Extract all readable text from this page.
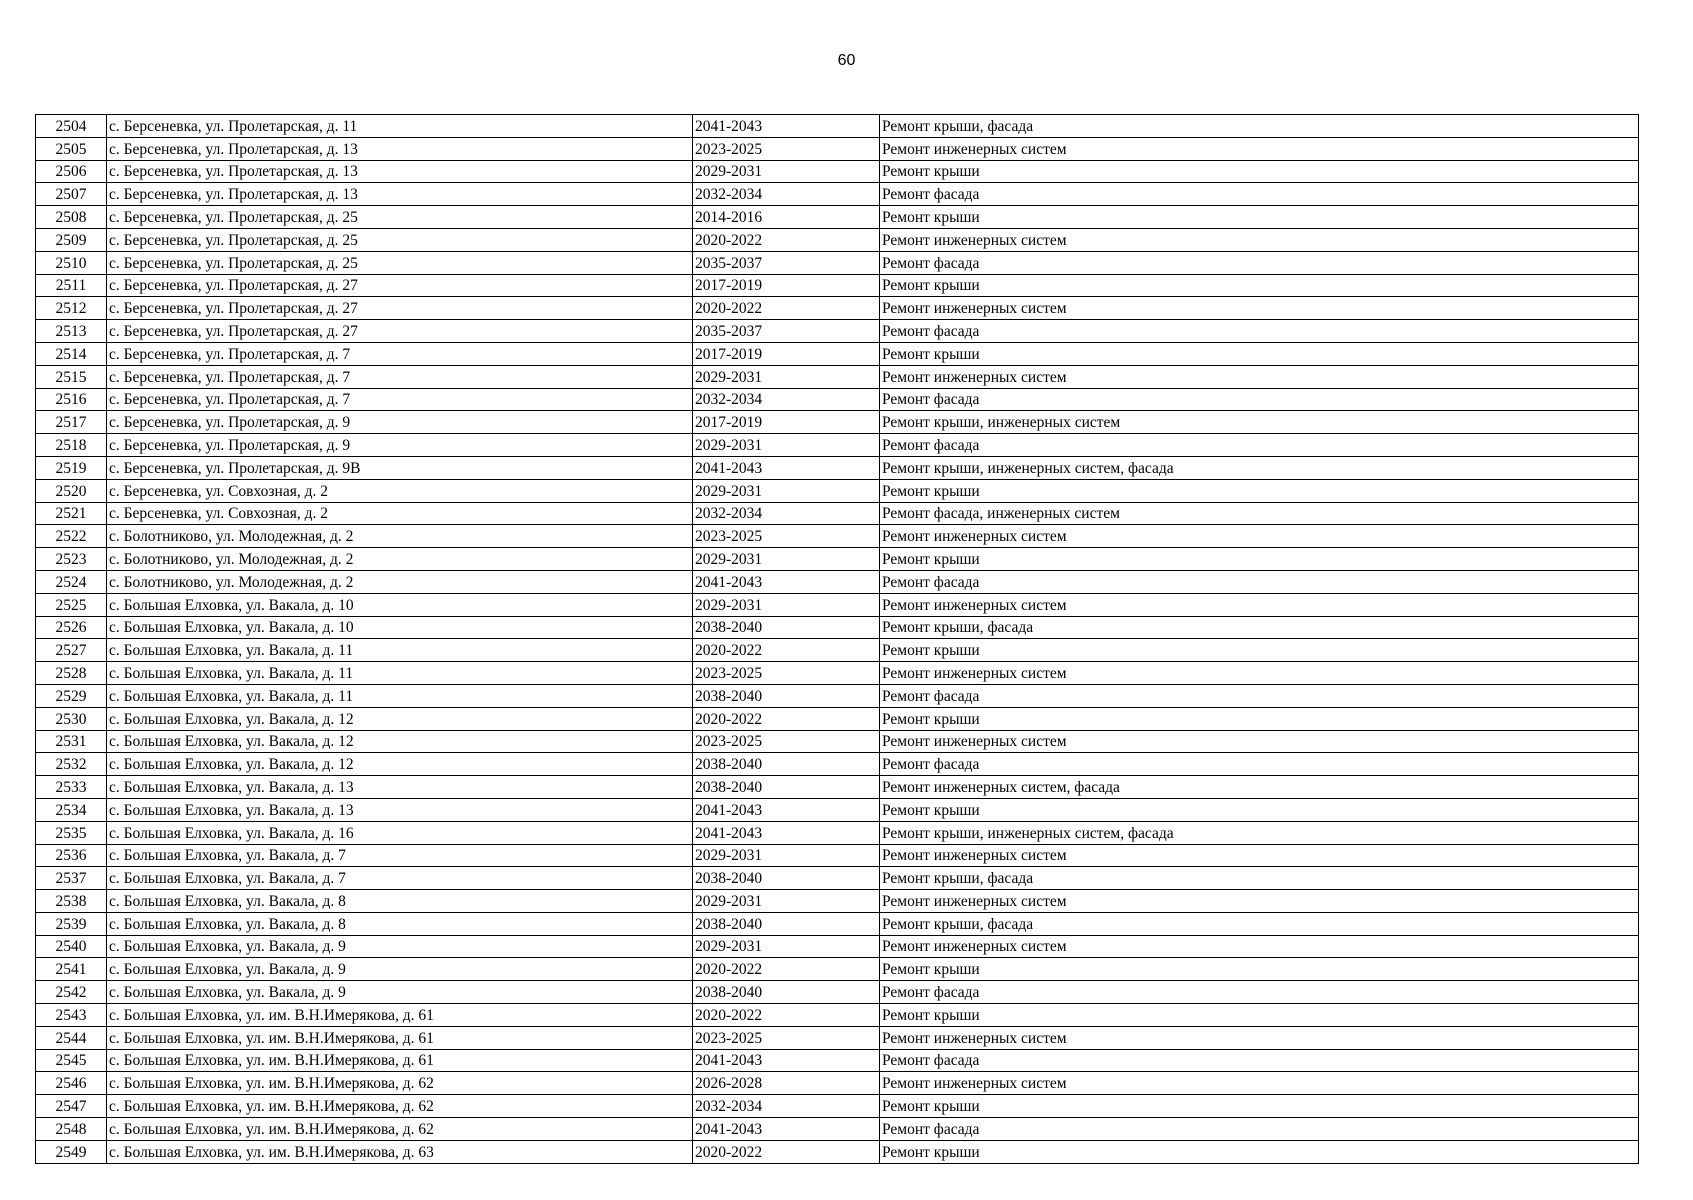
60
2504	с. Берсеневка, ул. Пролетарская, д. 11	2041-2043	Ремонт крыши, фасада
2505	с. Берсеневка, ул. Пролетарская, д. 13	2023-2025	Ремонт инженерных систем
2506	с. Берсеневка, ул. Пролетарская, д. 13	2029-2031	Ремонт крыши
2507	с. Берсеневка, ул. Пролетарская, д. 13	2032-2034	Ремонт фасада
2508	с. Берсеневка, ул. Пролетарская, д. 25	2014-2016	Ремонт крыши
2509	с. Берсеневка, ул. Пролетарская, д. 25	2020-2022	Ремонт инженерных систем
2510	с. Берсеневка, ул. Пролетарская, д. 25	2035-2037	Ремонт фасада
2511	с. Берсеневка, ул. Пролетарская, д. 27	2017-2019	Ремонт крыши
2512	с. Берсеневка, ул. Пролетарская, д. 27	2020-2022	Ремонт инженерных систем
2513	с. Берсеневка, ул. Пролетарская, д. 27	2035-2037	Ремонт фасада
2514	с. Берсеневка, ул. Пролетарская, д. 7	2017-2019	Ремонт крыши
2515	с. Берсеневка, ул. Пролетарская, д. 7	2029-2031	Ремонт инженерных систем
2516	с. Берсеневка, ул. Пролетарская, д. 7	2032-2034	Ремонт фасада
2517	с. Берсеневка, ул. Пролетарская, д. 9	2017-2019	Ремонт крыши, инженерных систем
2518	с. Берсеневка, ул. Пролетарская, д. 9	2029-2031	Ремонт фасада
2519	с. Берсеневка, ул. Пролетарская, д. 9В	2041-2043	Ремонт крыши, инженерных систем, фасада
2520	с. Берсеневка, ул. Совхозная, д. 2	2029-2031	Ремонт крыши
2521	с. Берсеневка, ул. Совхозная, д. 2	2032-2034	Ремонт фасада, инженерных систем
2522	с. Болотниково, ул. Молодежная, д. 2	2023-2025	Ремонт инженерных систем
2523	с. Болотниково, ул. Молодежная, д. 2	2029-2031	Ремонт крыши
2524	с. Болотниково, ул. Молодежная, д. 2	2041-2043	Ремонт фасада
2525	с. Большая Елховка, ул. Вакала, д. 10	2029-2031	Ремонт инженерных систем
2526	с. Большая Елховка, ул. Вакала, д. 10	2038-2040	Ремонт крыши, фасада
2527	с. Большая Елховка, ул. Вакала, д. 11	2020-2022	Ремонт крыши
2528	с. Большая Елховка, ул. Вакала, д. 11	2023-2025	Ремонт инженерных систем
2529	с. Большая Елховка, ул. Вакала, д. 11	2038-2040	Ремонт фасада
2530	с. Большая Елховка, ул. Вакала, д. 12	2020-2022	Ремонт крыши
2531	с. Большая Елховка, ул. Вакала, д. 12	2023-2025	Ремонт инженерных систем
2532	с. Большая Елховка, ул. Вакала, д. 12	2038-2040	Ремонт фасада
2533	с. Большая Елховка, ул. Вакала, д. 13	2038-2040	Ремонт инженерных систем, фасада
2534	с. Большая Елховка, ул. Вакала, д. 13	2041-2043	Ремонт крыши
2535	с. Большая Елховка, ул. Вакала, д. 16	2041-2043	Ремонт крыши, инженерных систем, фасада
2536	с. Большая Елховка, ул. Вакала, д. 7	2029-2031	Ремонт инженерных систем
2537	с. Большая Елховка, ул. Вакала, д. 7	2038-2040	Ремонт крыши, фасада
2538	с. Большая Елховка, ул. Вакала, д. 8	2029-2031	Ремонт инженерных систем
2539	с. Большая Елховка, ул. Вакала, д. 8	2038-2040	Ремонт крыши, фасада
2540	с. Большая Елховка, ул. Вакала, д. 9	2029-2031	Ремонт инженерных систем
2541	с. Большая Елховка, ул. Вакала, д. 9	2020-2022	Ремонт крыши
2542	с. Большая Елховка, ул. Вакала, д. 9	2038-2040	Ремонт фасада
2543	с. Большая Елховка, ул. им. В.Н.Имерякова, д. 61	2020-2022	Ремонт крыши
2544	с. Большая Елховка, ул. им. В.Н.Имерякова, д. 61	2023-2025	Ремонт инженерных систем
2545	с. Большая Елховка, ул. им. В.Н.Имерякова, д. 61	2041-2043	Ремонт фасада
2546	с. Большая Елховка, ул. им. В.Н.Имерякова, д. 62	2026-2028	Ремонт инженерных систем
2547	с. Большая Елховка, ул. им. В.Н.Имерякова, д. 62	2032-2034	Ремонт крыши
2548	с. Большая Елховка, ул. им. В.Н.Имерякова, д. 62	2041-2043	Ремонт фасада
2549	с. Большая Елховка, ул. им. В.Н.Имерякова, д. 63	2020-2022	Ремонт крыши
